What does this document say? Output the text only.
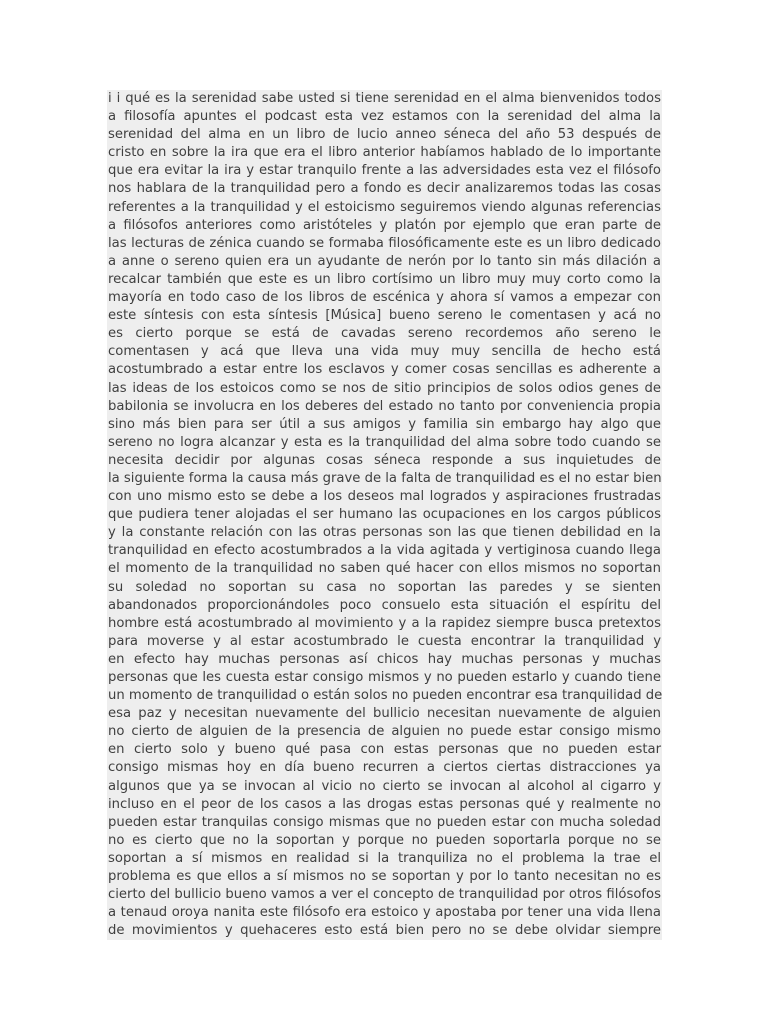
i i qué es la serenidad sabe usted si tiene serenidad en el alma bienvenidos todos
a filosofía apuntes el podcast esta vez estamos con la serenidad del alma la
serenidad del alma en un libro de lucio anneo séneca del año 53 después de
cristo en sobre la ira que era el libro anterior habíamos hablado de lo importante
que era evitar la ira y estar tranquilo frente a las adversidades esta vez el filósofo
nos hablara de la tranquilidad pero a fondo es decir analizaremos todas las cosas
referentes a la tranquilidad y el estoicismo seguiremos viendo algunas referencias
a filósofos anteriores como aristóteles y platón por ejemplo que eran parte de
las lecturas de zénica cuando se formaba filosóficamente este es un libro dedicado
a anne o sereno quien era un ayudante de nerón por lo tanto sin más dilación a
recalcar también que este es un libro cortísimo un libro muy muy corto como la
mayoría en todo caso de los libros de escénica y ahora sí vamos a empezar con
este síntesis con esta síntesis [Música] bueno sereno le comentasen y acá no
es cierto porque se está de cavadas sereno recordemos año sereno le
comentasen y acá que lleva una vida muy muy sencilla de hecho está
acostumbrado a estar entre los esclavos y comer cosas sencillas es adherente a
las ideas de los estoicos como se nos de sitio principios de solos odios genes de
babilonia se involucra en los deberes del estado no tanto por conveniencia propia
sino más bien para ser útil a sus amigos y familia sin embargo hay algo que
sereno no logra alcanzar y esta es la tranquilidad del alma sobre todo cuando se
necesita decidir por algunas cosas séneca responde a sus inquietudes de
la siguiente forma la causa más grave de la falta de tranquilidad es el no estar bien
con uno mismo esto se debe a los deseos mal logrados y aspiraciones frustradas
que pudiera tener alojadas el ser humano las ocupaciones en los cargos públicos
y la constante relación con las otras personas son las que tienen debilidad en la
tranquilidad en efecto acostumbrados a la vida agitada y vertiginosa cuando llega
el momento de la tranquilidad no saben qué hacer con ellos mismos no soportan
su soledad no soportan su casa no soportan las paredes y se sienten
abandonados proporcionándoles poco consuelo esta situación el espíritu del
hombre está acostumbrado al movimiento y a la rapidez siempre busca pretextos
para moverse y al estar acostumbrado le cuesta encontrar la tranquilidad y
en efecto hay muchas personas así chicos hay muchas personas y muchas
personas que les cuesta estar consigo mismos y no pueden estarlo y cuando tiene
un momento de tranquilidad o están solos no pueden encontrar esa tranquilidad de
esa paz y necesitan nuevamente del bullicio necesitan nuevamente de alguien
no cierto de alguien de la presencia de alguien no puede estar consigo mismo
en cierto solo y bueno qué pasa con estas personas que no pueden estar
consigo mismas hoy en día bueno recurren a ciertos ciertas distracciones ya
algunos que ya se invocan al vicio no cierto se invocan al alcohol al cigarro y
incluso en el peor de los casos a las drogas estas personas qué y realmente no
pueden estar tranquilas consigo mismas que no pueden estar con mucha soledad
no es cierto que no la soportan y porque no pueden soportarla porque no se
soportan a sí mismos en realidad si la tranquiliza no el problema la trae el
problema es que ellos a sí mismos no se soportan y por lo tanto necesitan no es
cierto del bullicio bueno vamos a ver el concepto de tranquilidad por otros filósofos
a tenaud oroya nanita este filósofo era estoico y apostaba por tener una vida llena
de movimientos y quehaceres esto está bien pero no se debe olvidar siempre
